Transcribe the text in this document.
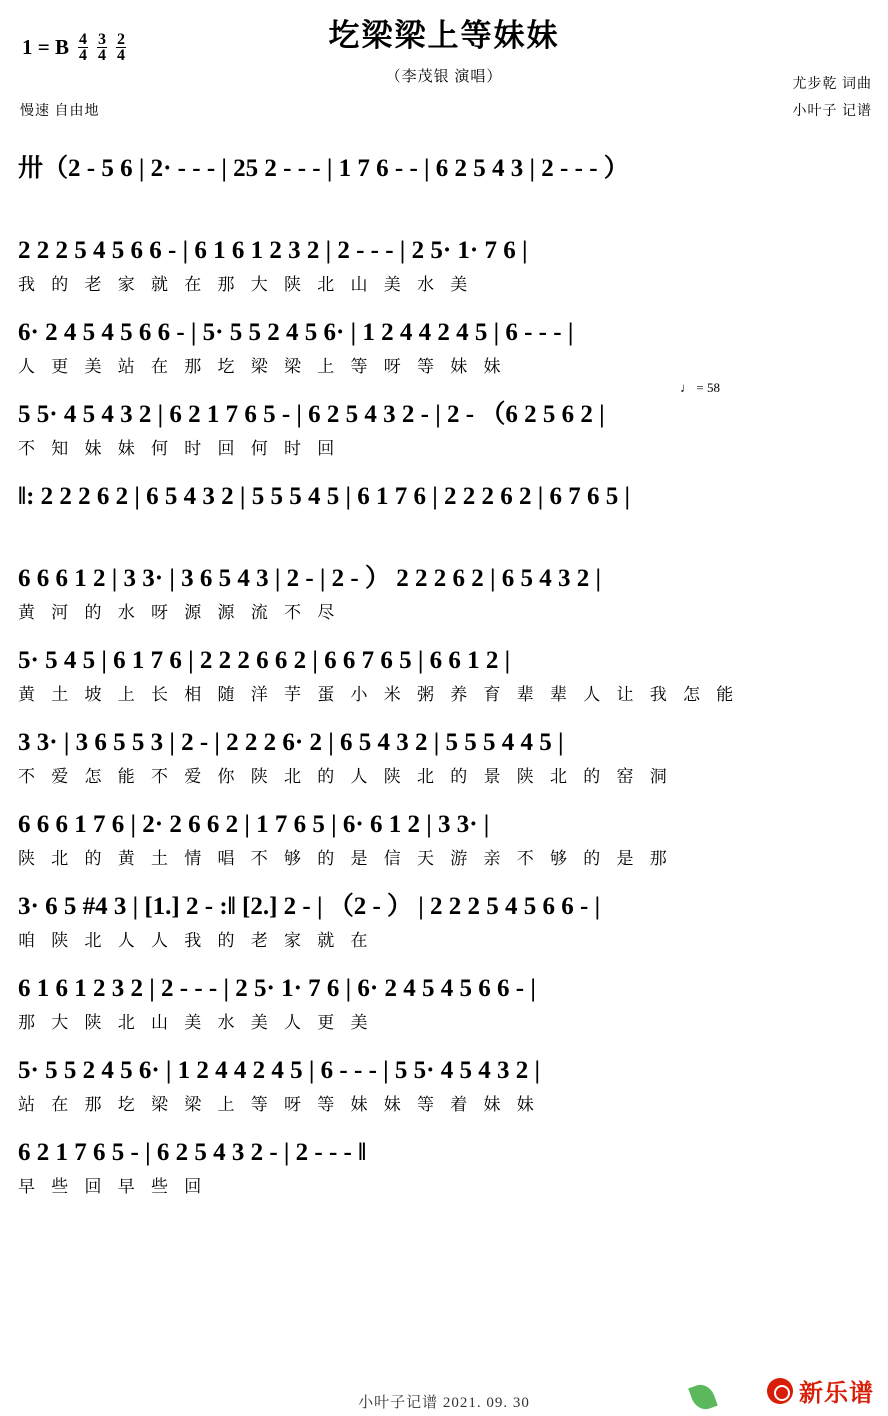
1 = B $\frac{4}{4} \frac{3}{4} \frac{2}{4}$	圪梁梁上等妹妹
（李茂银 演唱）
慢速 自由地
尤步乾 词曲
小叶子 记谱
卅（2 - 5 6 | 2· - - - | 25 2 - - - | 1 7 6 - - | 6 2 5 4 3 | 2 - - - ）
2 2 2 5 4 5 6 6 - | 6 1 6 1 2 3 2 | 2 - - - | 2 5· 1· 7 6 |
我 的 老 家 就 在 那 大 陕 北 山 美 水 美
6· 2 4 5 4 5 6 6 - | 5· 5 5 2 4 5 6· | 1 2 4 4 2 4 5 | 6 - - - |
人 更 美 站 在 那 圪 梁 梁 上 等 呀 等 妹 妹
♩ = 58
5 5· 4 5 4 3 2 | 6 2 1 7 6 5 - | 6 2 5 4 3 2 - | 2 - （6 2 5 6 2 |
不 知 妹 妹 何 时 回 何 时 回
‖: 2 2 2 6 2 | 6 5 4 3 2 | 5 5 5 4 5 | 6 1 7 6 | 2 2 2 6 2 | 6 7 6 5 |
6 6 6 1 2 | 3 3· | 3 6 5 4 3 | 2 - | 2 - ） 2 2 2 6 2 | 6 5 4 3 2 |
黄 河 的 水 呀 源 源 流 不 尽
5· 5 4 5 | 6 1 7 6 | 2 2 2 6 6 2 | 6 6 7 6 5 | 6 6 1 2 |
黄 土 坡 上 长 相 随 洋 芋 蛋 小 米 粥 养 育 辈 辈 人 让 我 怎 能
3 3· | 3 6 5 5 3 | 2 - | 2 2 2 6· 2 | 6 5 4 3 2 | 5 5 5 4 4 5 |
不 爱 怎 能 不 爱 你 陕 北 的 人 陕 北 的 景 陕 北 的 窑 洞
6 6 6 1 7 6 | 2· 2 6 6 2 | 1 7 6 5 | 6· 6 1 2 | 3 3· |
陕 北 的 黄 土 情 唱 不 够 的 是 信 天 游 亲 不 够 的 是 那
3· 6 5 #4 3 | [1.] 2 - :‖ [2.] 2 - | （2 - ） | 2 2 2 5 4 5 6 6 - |
咱 陕 北 人 人 我 的 老 家 就 在
6 1 6 1 2 3 2 | 2 - - - | 2 5· 1· 7 6 | 6· 2 4 5 4 5 6 6 - |
那 大 陕 北 山 美 水 美 人 更 美
5· 5 5 2 4 5 6· | 1 2 4 4 2 4 5 | 6 - - - | 5 5· 4 5 4 3 2 |
站 在 那 圪 梁 梁 上 等 呀 等 妹 妹 等 着 妹 妹
6 2 1 7 6 5 - | 6 2 5 4 3 2 - | 2 - - - ‖
早 些 回 早 些 回
小叶子记谱 2021. 09. 30	新乐谱
